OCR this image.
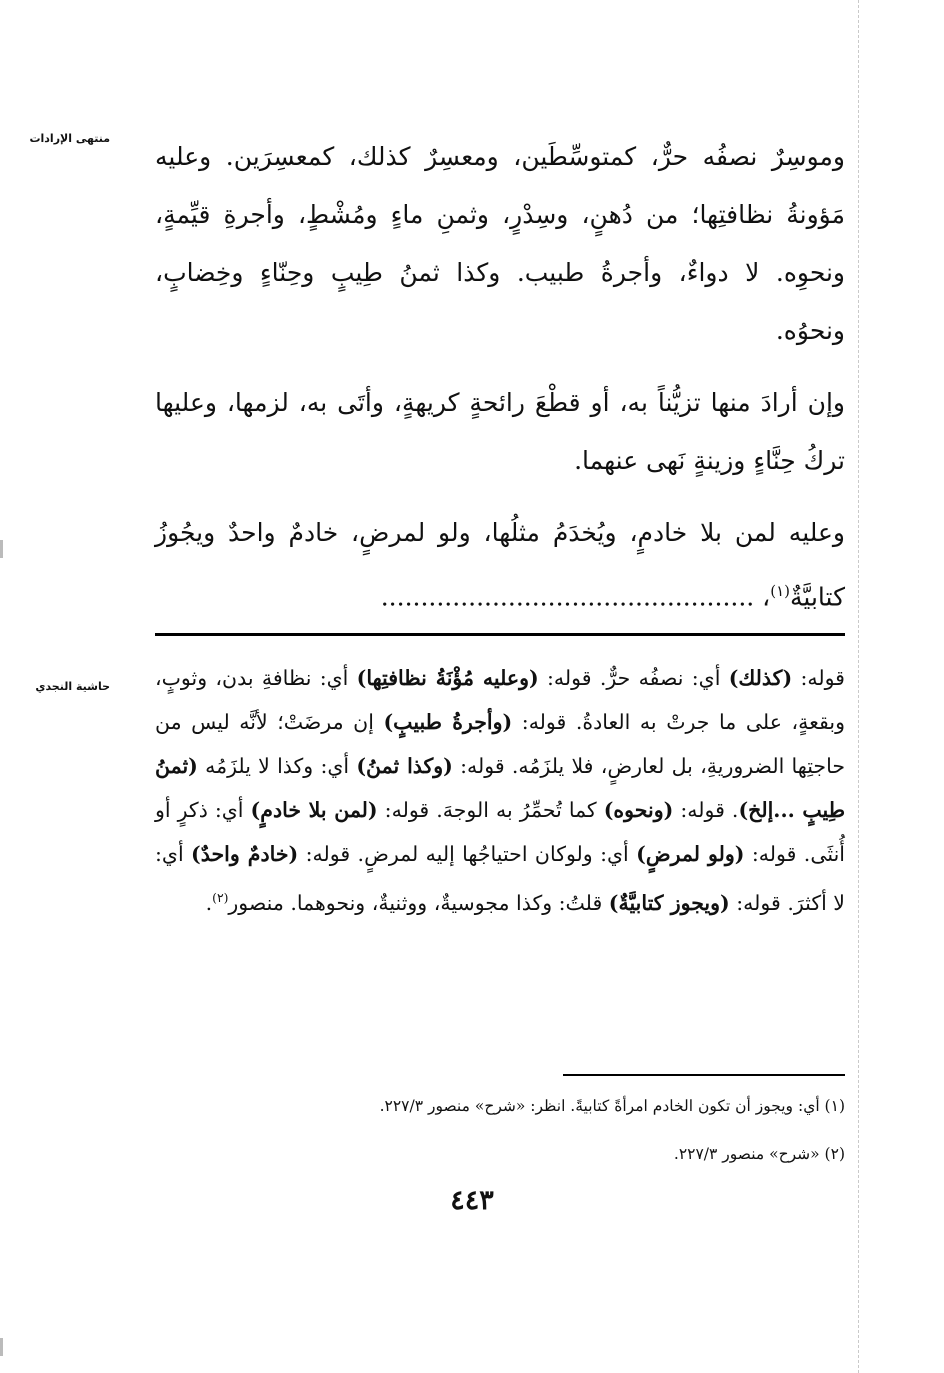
منتهى الإرادات
حاشية النجدي

وموسِرٌ نصفُه حرٌّ، كمتوسِّطَين، ومعسِرٌ كذلك، كمعسِرَين. وعليه مَؤونةُ نظافتِها؛ من دُهنٍ، وسِدْرٍ، وثمنِ ماءٍ ومُشْطٍ، وأجرةِ قيِّمةٍ، ونحوِه. لا دواءٌ، وأجرةُ طبيب. وكذا ثمنُ طِيبٍ وحِنّاءٍ وخِضابٍ، ونحوُه.

وإن أرادَ منها تزيُّناً به، أو قطْعَ رائحةٍ كريهةٍ، وأتَى به، لزمها، وعليها تركُ حِنَّاءٍ وزينةٍ نَهى عنهما.

وعليه لمن بلا خادمٍ، ويُخدَمُ مثلُها، ولو لمرضٍ، خادمٌ واحدٌ ويجُوزُ كتابيَّةٌ$^{(١)}$، ...............................................

قوله: (كذلك) أي: نصفُه حرٌّ. قوله: (وعليه مُؤْنَةُ نظافتِها) أي: نظافةِ بدن، وثوبٍ، وبقعةٍ، على ما جرتْ به العادةُ. قوله: (وأجرةُ طبيبٍ) إن مرضَتْ؛ لأنَّه ليس من حاجتِها الضروريةِ، بل لعارضٍ، فلا يلزَمُه. قوله: (وكذا ثمنُ) أي: وكذا لا يلزَمُه (ثمنُ طِيبٍ ...إلخ). قوله: (ونحوه) كما تُحمِّرُ به الوجهَ. قوله: (لمن بلا خادمٍ) أي: ذكرٍ أو أُنثَى. قوله: (ولو لمرضٍ) أي: ولوكان احتياجُها إليه لمرضٍ. قوله: (خادمٌ واحدٌ) أي: لا أكثرَ. قوله: (ويجوز كتابيَّةٌ) قلتُ: وكذا مجوسيةٌ، ووثنيةٌ، ونحوهما. منصور$^{(٢)}$.

(١) أي: ويجوز أن تكون الخادم امرأةً كتابيةً. انظر: «شرح» منصور ٢٢٧/٣.

(٢) «شرح» منصور ٢٢٧/٣.

٤٤٣
